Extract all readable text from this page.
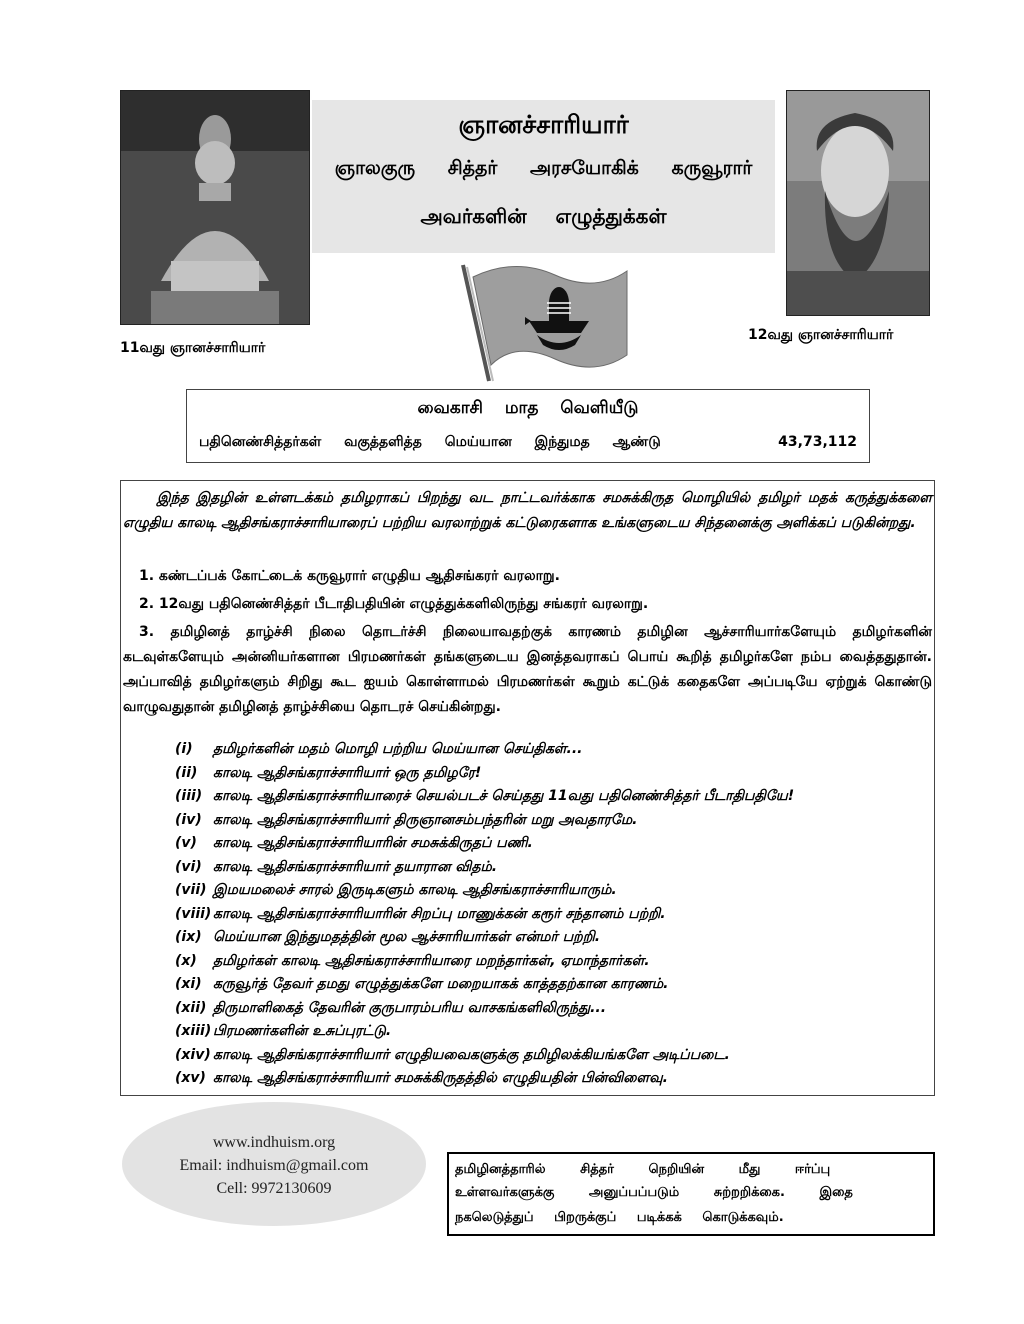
11வது ஞானச்சாரியார்
ஞானச்சாரியார்
ஞாலகுரு சித்தர் அரசயோகிக் கருவூரார்
அவர்களின் எழுத்துக்கள்
12வது ஞானச்சாரியார்
வைகாசி மாத வெளியீடு
பதினெண்சித்தர்கள் வகுத்தளித்த மெய்யான இந்துமத ஆண்டு	43,73,112
இந்த இதழின் உள்ளடக்கம் தமிழராகப் பிறந்து வட நாட்டவர்க்காக சமசுக்கிருத மொழியில் தமிழர் மதக் கருத்துக்களை எழுதிய காலடி ஆதிசங்கராச்சாரியாரைப் பற்றிய வரலாற்றுக் கட்டுரைகளாக உங்களுடைய சிந்தனைக்கு அளிக்கப் படுகின்றது.
1. கண்டப்பக் கோட்டைக் கருவூரார் எழுதிய ஆதிசங்கரர் வரலாறு.
2. 12வது பதினெண்சித்தர் பீடாதிபதியின் எழுத்துக்களிலிருந்து சங்கரர் வரலாறு.
3. தமிழினத் தாழ்ச்சி நிலை தொடர்ச்சி நிலையாவதற்குக் காரணம் தமிழின ஆச்சாரியார்களேயும் தமிழர்களின் கடவுள்களேயும் அன்னியர்களான பிரமணர்கள் தங்களுடைய இனத்தவராகப் பொய் கூறித் தமிழர்களே நம்ப வைத்ததுதான். அப்பாவித் தமிழர்களும் சிறிது கூட ஐயம் கொள்ளாமல் பிரமணர்கள் கூறும் கட்டுக் கதைகளே அப்படியே ஏற்றுக் கொண்டு வாழுவதுதான் தமிழினத் தாழ்ச்சியை தொடரச் செய்கின்றது.
(i) தமிழர்களின் மதம் மொழி பற்றிய மெய்யான செய்திகள்...
(ii) காலடி ஆதிசங்கராச்சாரியார் ஒரு தமிழரே!
(iii) காலடி ஆதிசங்கராச்சாரியாரைச் செயல்படச் செய்தது 11வது பதினெண்சித்தர் பீடாதிபதியே!
(iv) காலடி ஆதிசங்கராச்சாரியார் திருஞானசம்பந்தரின் மறு அவதாரமே.
(v) காலடி ஆதிசங்கராச்சாரியாரின் சமசுக்கிருதப் பணி.
(vi) காலடி ஆதிசங்கராச்சாரியார் தயாரான விதம்.
(vii) இமயமலைச் சாரல் இருடிகளும் காலடி ஆதிசங்கராச்சாரியாரும்.
(viii) காலடி ஆதிசங்கராச்சாரியாரின் சிறப்பு மாணுக்கன் கரூர் சந்தானம் பற்றி.
(ix) மெய்யான இந்துமதத்தின் மூல ஆச்சாரியார்கள் என்மர் பற்றி.
(x) தமிழர்கள் காலடி ஆதிசங்கராச்சாரியாரை மறந்தார்கள், ஏமாந்தார்கள்.
(xi) கருவூர்த் தேவர் தமது எழுத்துக்களே மறையாகக் காத்ததற்கான காரணம்.
(xii) திருமாளிகைத் தேவரின் குருபாரம்பரிய வாசகங்களிலிருந்து...
(xiii) பிரமணர்களின் உசுப்புரட்டு.
(xiv) காலடி ஆதிசங்கராச்சாரியார் எழுதியவைகளுக்கு தமிழிலக்கியங்களே அடிப்படை.
(xv) காலடி ஆதிசங்கராச்சாரியார் சமசுக்கிருதத்தில் எழுதியதின் பின்விளைவு.
www.indhuism.org
Email: indhuism@gmail.com
Cell: 9972130609
தமிழினத்தாரில் சித்தர் நெறியின் மீது ஈர்ப்பு
உள்ளவர்களுக்கு அனுப்பப்படும் சுற்றறிக்கை. இதை
நகலெடுத்துப் பிறருக்குப் படிக்கக் கொடுக்கவும்.
